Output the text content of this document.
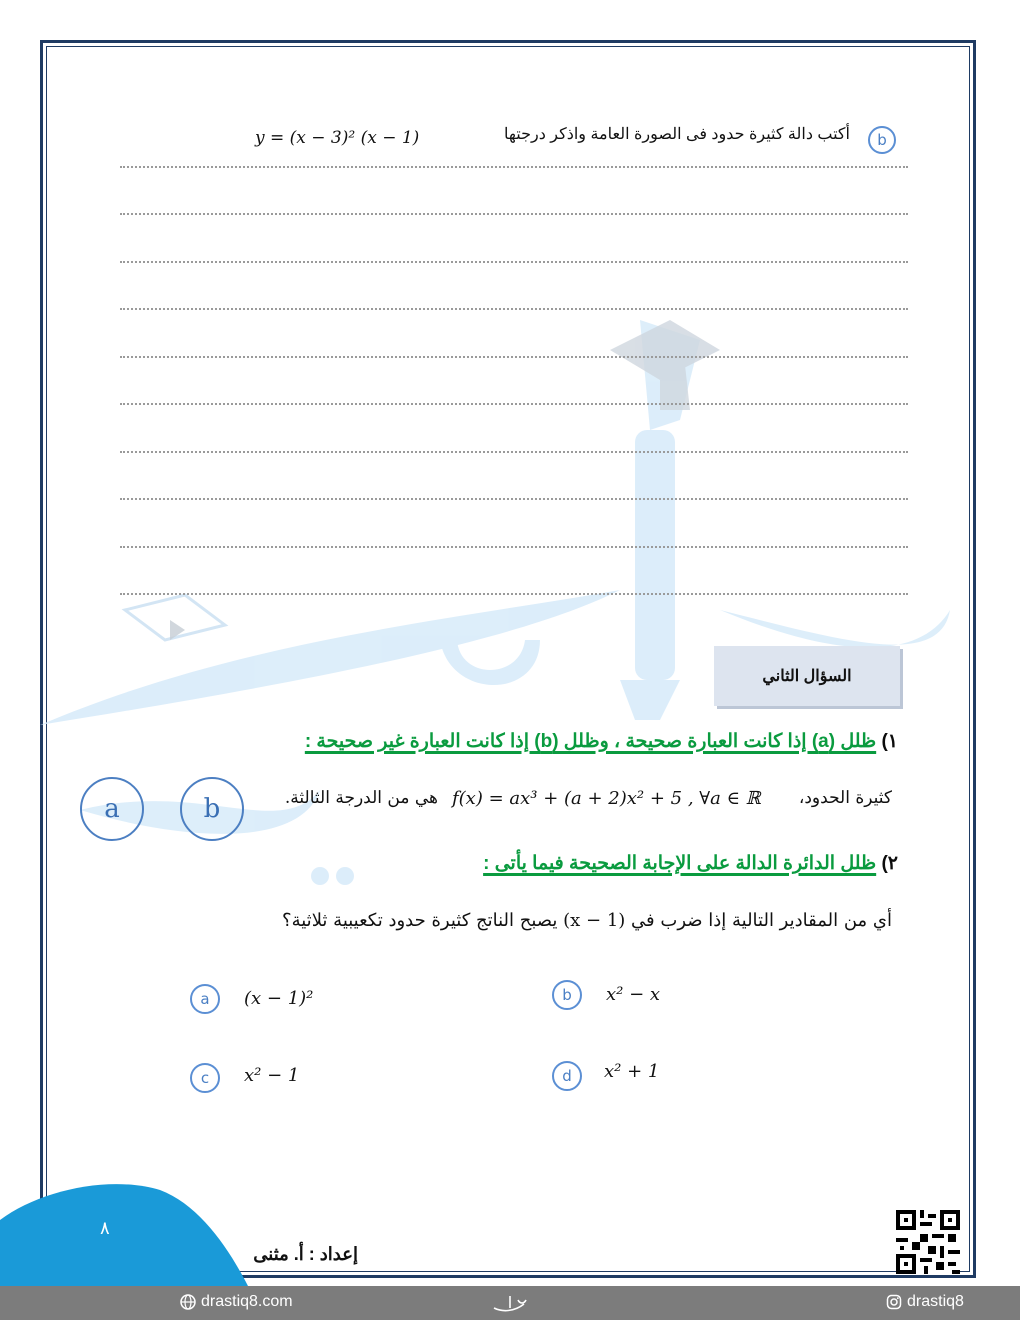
b
أكتب دالة كثيرة حدود فى الصورة العامة واذكر درجتها
y = (x − 3)² (x − 1)
السؤال الثاني
١) ظلل (a) إذا كانت العبارة صحيحة ، وظلل (b) إذا كانت العبارة غير صحيحة :
كثيرة الحدود،
f(x) = ax³ + (a + 2)x² + 5 , ∀a ∈ ℝ
هي من الدرجة الثالثة.
a	b
٢) ظلل الدائرة الدالة على الإجابة الصحيحة فيما يأتى :
أي من المقادير التالية إذا ضرب في (x − 1) يصبح الناتج كثيرة حدود تكعيبية ثلاثية؟
a (x − 1)²	b x² − x
c x² − 1	d x² + 1
٨
إعداد : أ. مثنى
drastiq8.com	drastiq8
